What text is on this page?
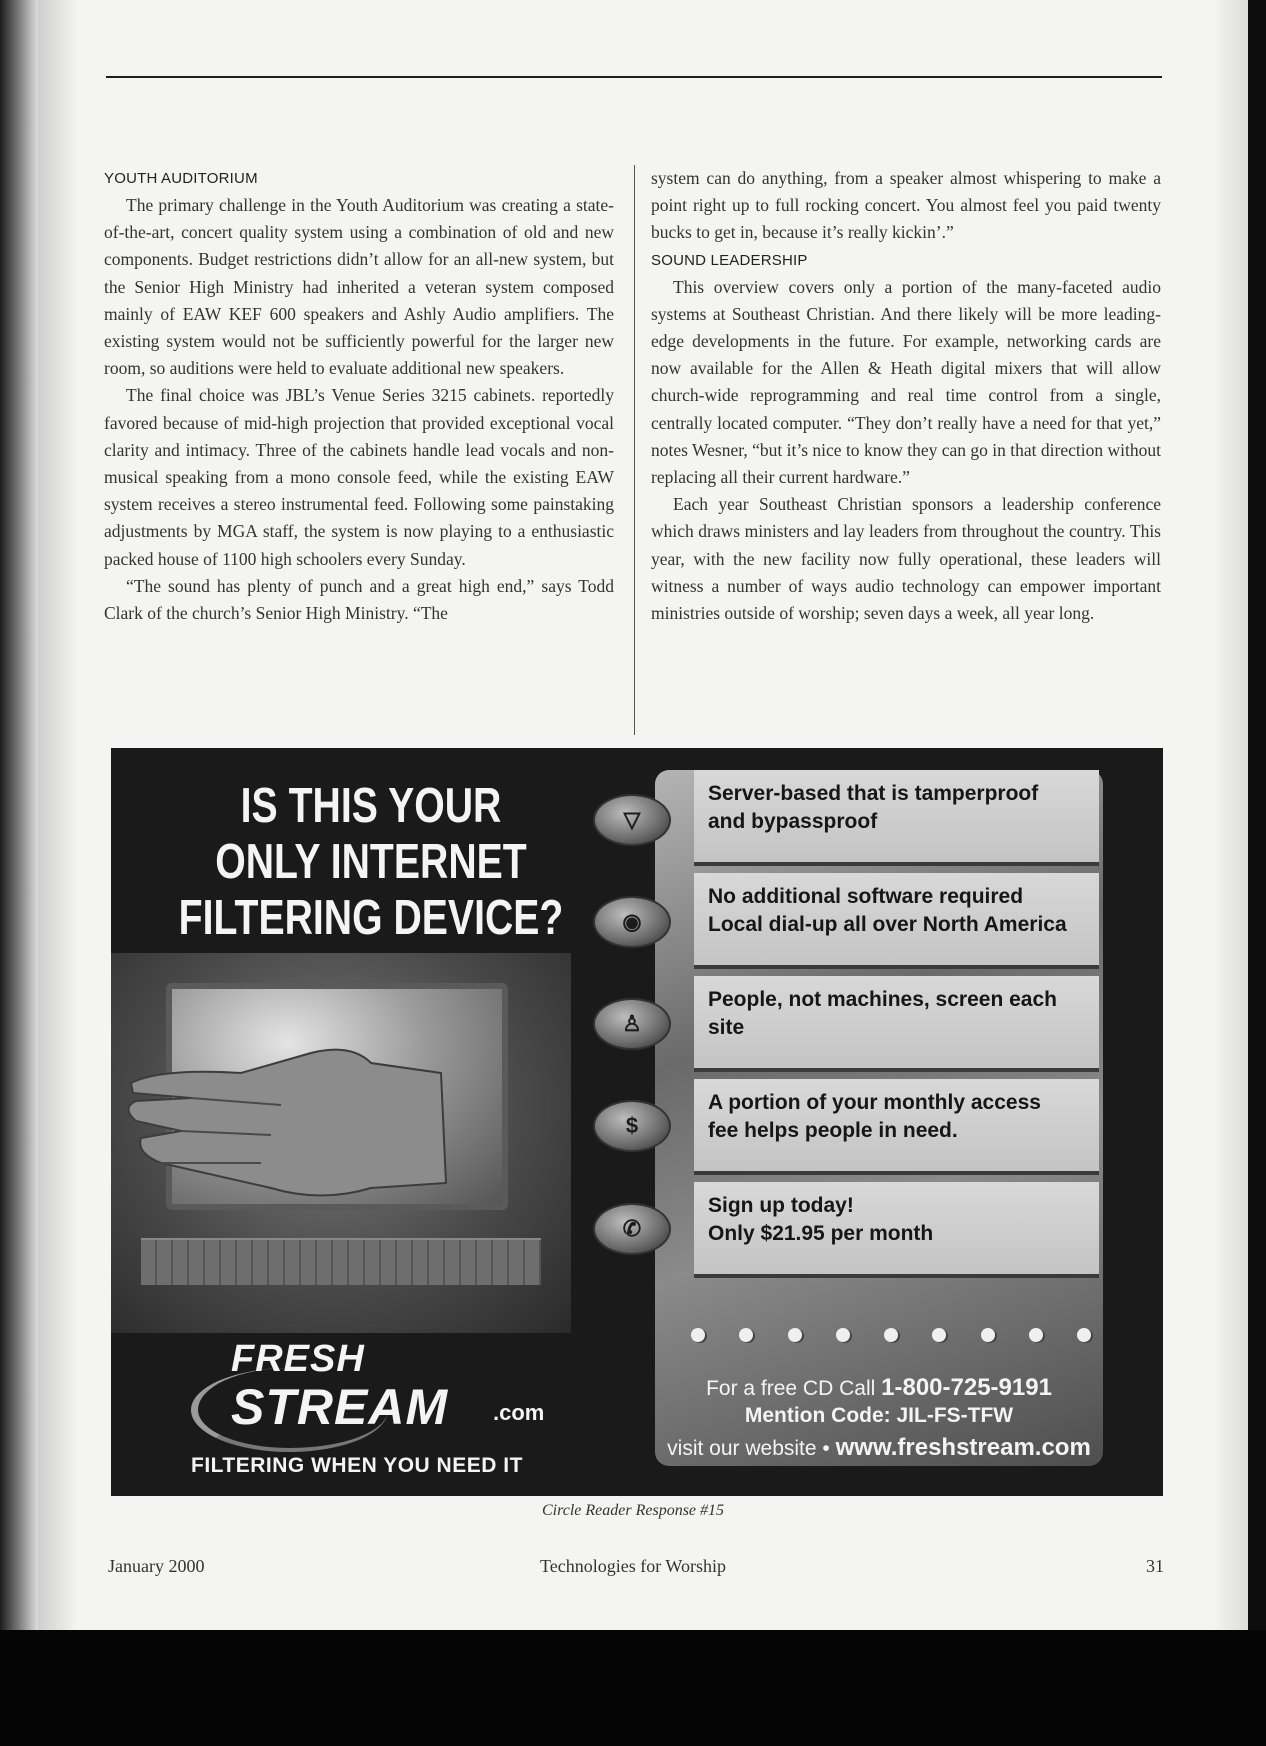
YOUTH AUDITORIUM

The primary challenge in the Youth Auditorium was creating a state-of-the-art, concert quality system using a combination of old and new components. Budget restrictions didn’t allow for an all-new system, but the Senior High Ministry had inherited a veteran system composed mainly of EAW KEF 600 speakers and Ashly Audio amplifiers. The existing system would not be sufficiently powerful for the larger new room, so auditions were held to evaluate additional new speakers.

The final choice was JBL’s Venue Series 3215 cabinets. reportedly favored because of mid-high projection that provided exceptional vocal clarity and intimacy. Three of the cabinets handle lead vocals and non-musical speaking from a mono console feed, while the existing EAW system receives a stereo instrumental feed. Following some painstaking adjustments by MGA staff, the system is now playing to a enthusiastic packed house of 1100 high schoolers every Sunday.

“The sound has plenty of punch and a great high end,” says Todd Clark of the church’s Senior High Ministry. “The

system can do anything, from a speaker almost whispering to make a point right up to full rocking concert. You almost feel you paid twenty bucks to get in, because it’s really kickin’.”

SOUND LEADERSHIP

This overview covers only a portion of the many-faceted audio systems at Southeast Christian. And there likely will be more leading-edge developments in the future. For example, networking cards are now available for the Allen & Heath digital mixers that will allow church-wide reprogramming and real time control from a single, centrally located computer. “They don’t really have a need for that yet,” notes Wesner, “but it’s nice to know they can go in that direction without replacing all their current hardware.”

Each year Southeast Christian sponsors a leadership conference which draws ministers and lay leaders from throughout the country. This year, with the new facility now fully operational, these leaders will witness a number of ways audio technology can empower important ministries outside of worship; seven days a week, all year long.

IS THIS YOUR
ONLY INTERNET
FILTERING DEVICE?
FRESH
STREAM .com
FILTERING WHEN YOU NEED IT
Server-based that is tamperproof
and bypassproof
▽
No additional software required
Local dial-up all over North America
◉
People, not machines, screen each
site
♙
A portion of your monthly access
fee helps people in need.
$
Sign up today!
Only $21.95 per month
✆
For a free CD Call 1-800-725-9191
Mention Code: JIL-FS-TFW
visit our website • www.freshstream.com
Circle Reader Response #15
January 2000	Technologies for Worship	31
